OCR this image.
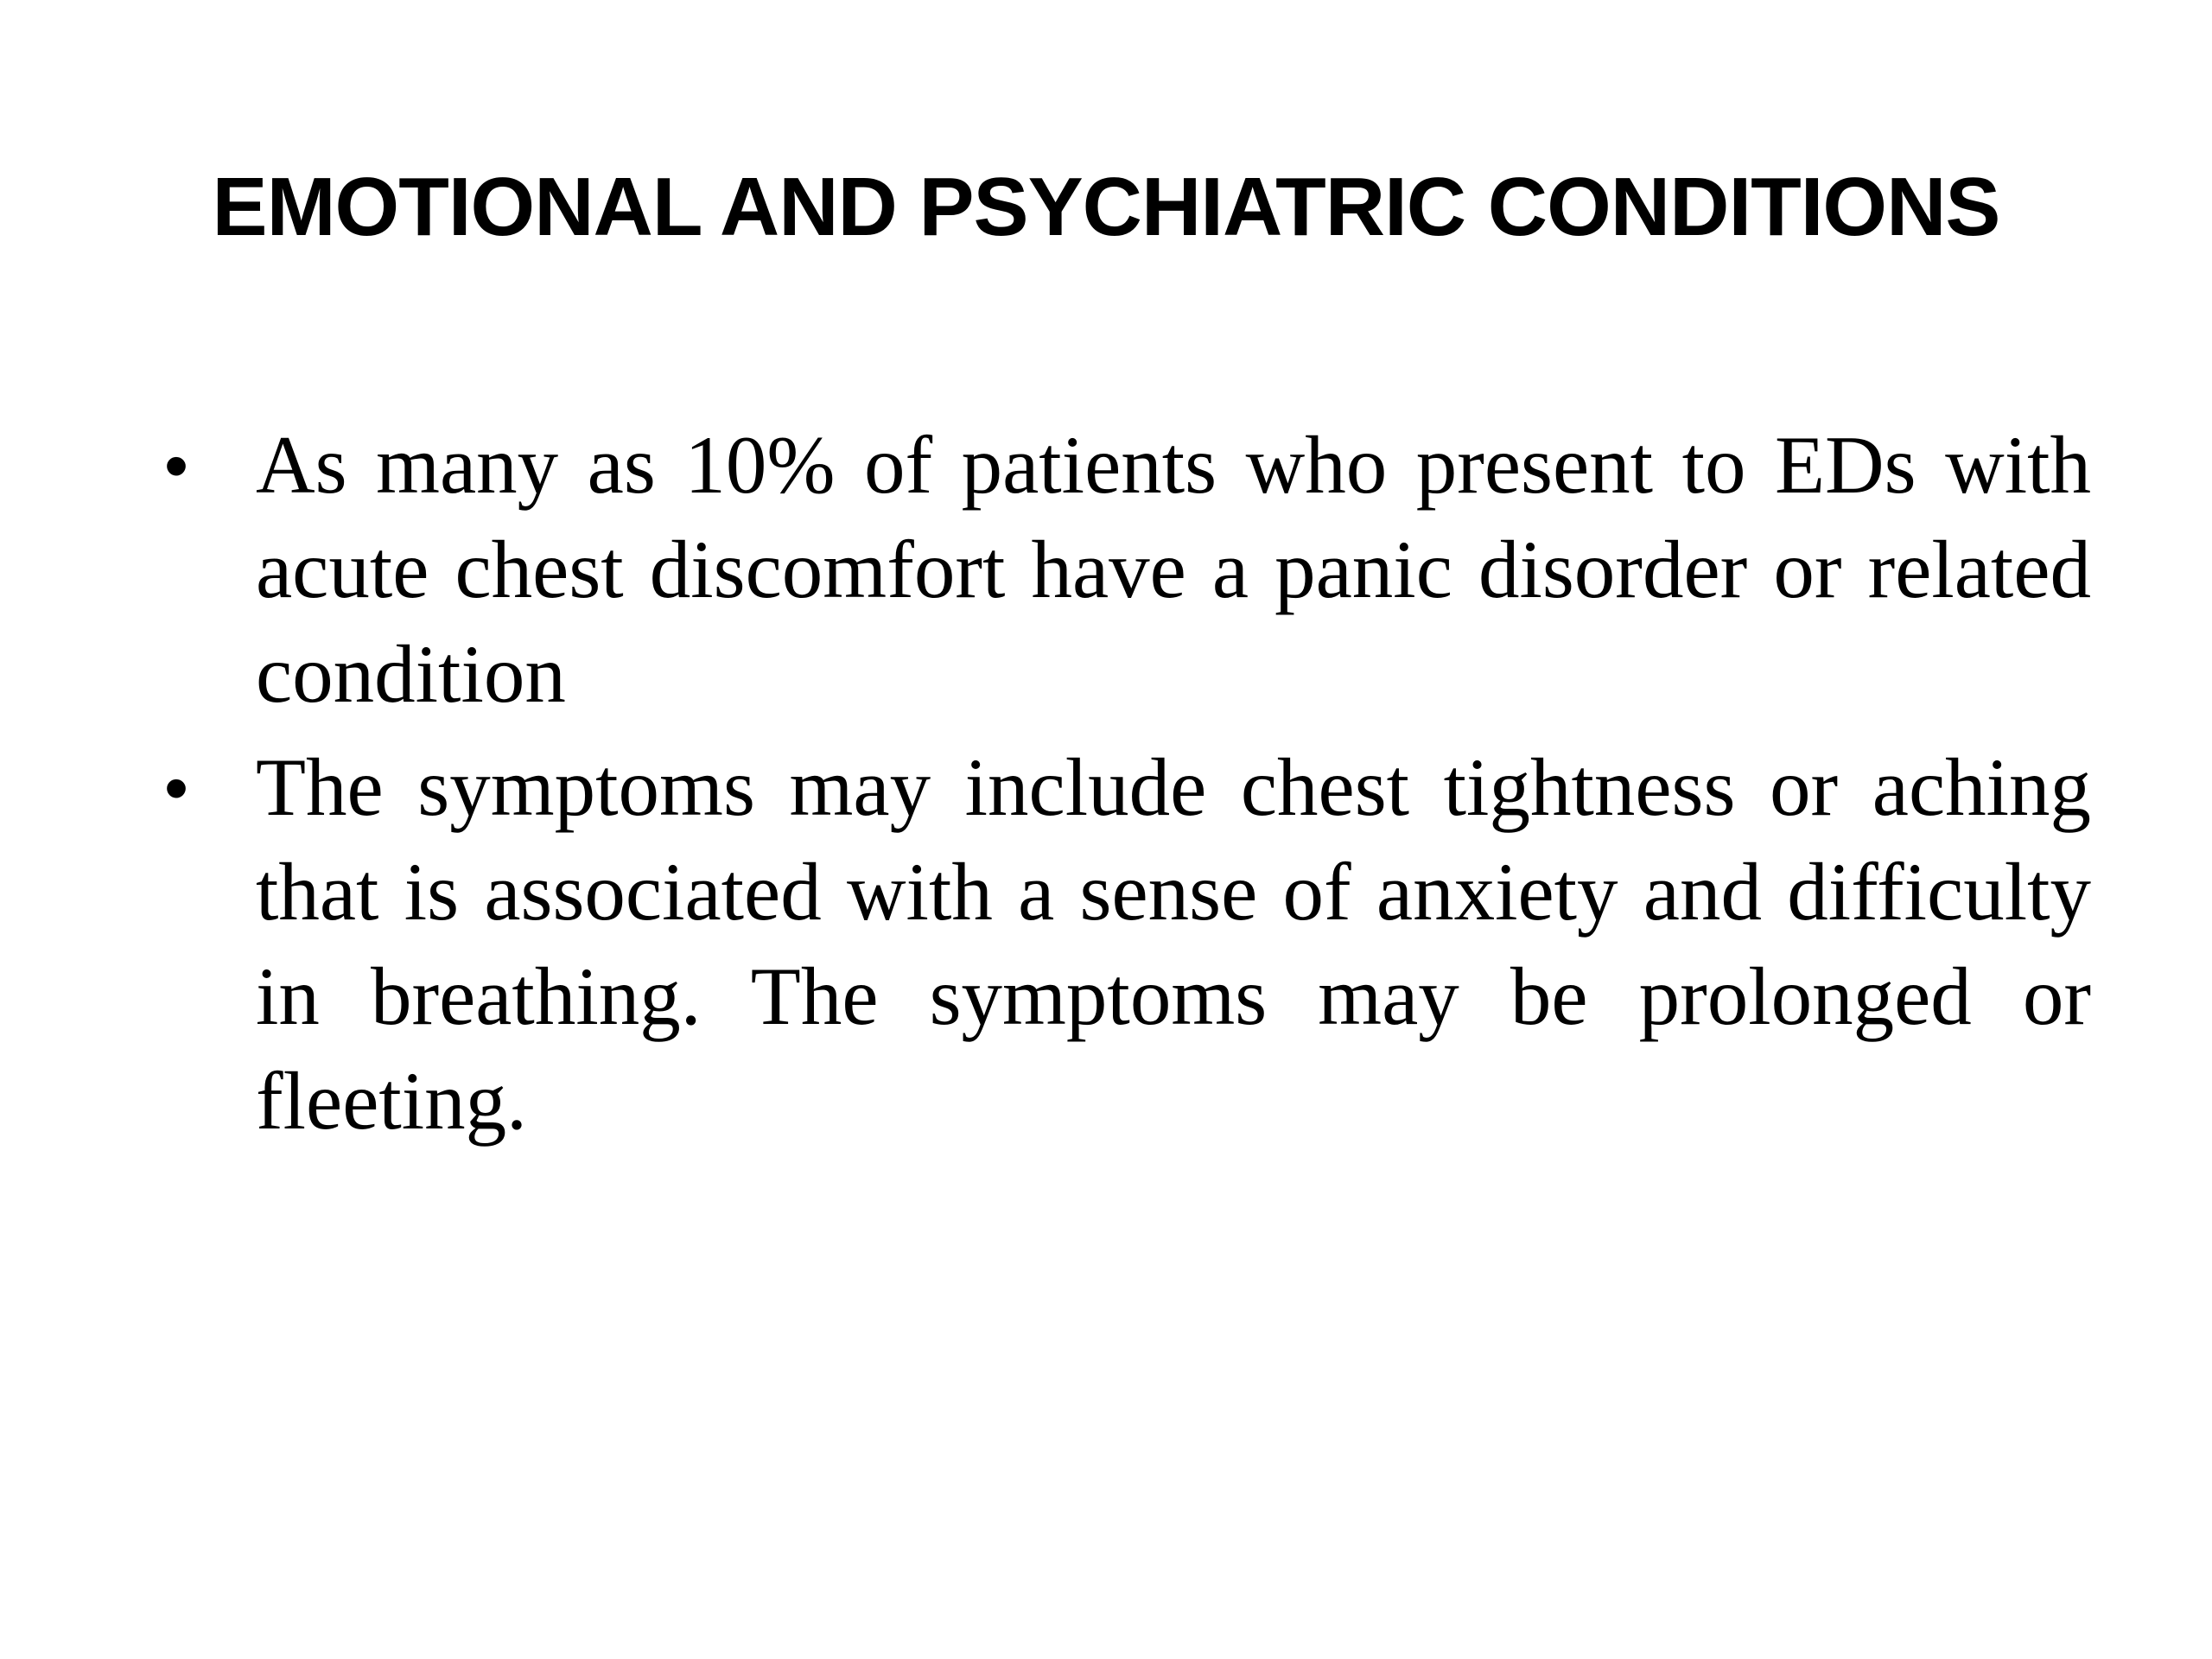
EMOTIONAL AND PSYCHIATRIC CONDITIONS
• As many as 10% of patients who present to EDs with acute chest discomfort have a panic disorder or related condition
• The symptoms may include chest tightness or aching that is associated with a sense of anxiety and difficulty in breathing. The symptoms may be prolonged or fleeting.
